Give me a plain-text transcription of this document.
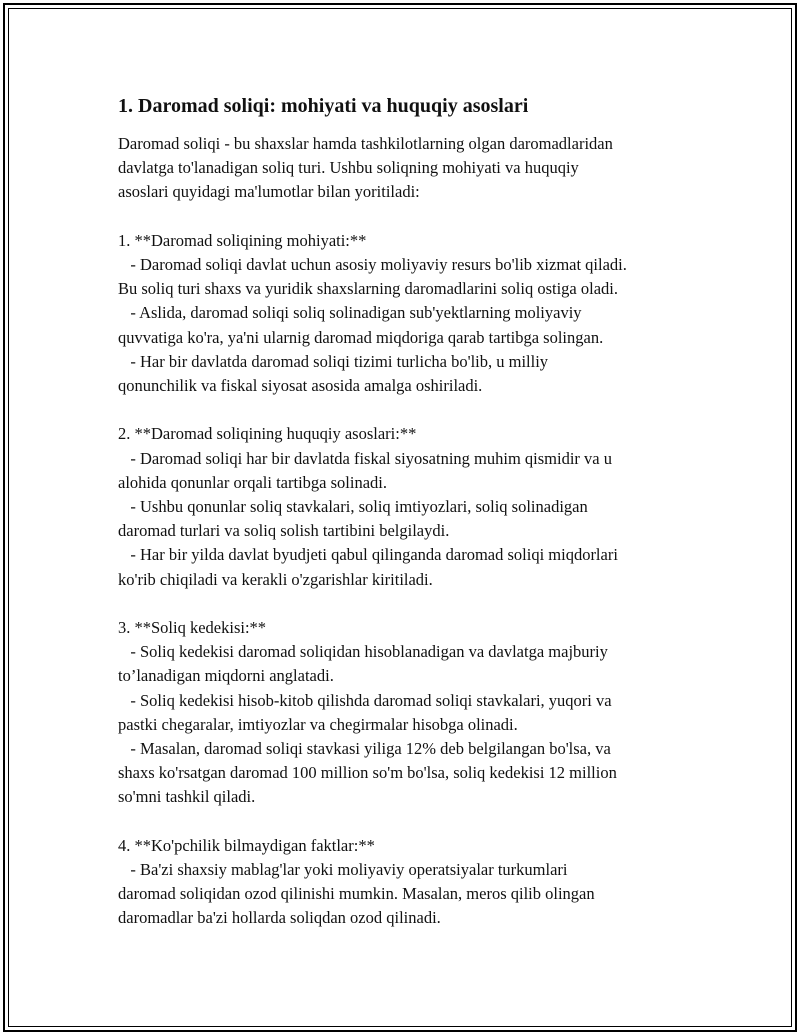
1. Daromad soliqi: mohiyati va huquqiy asoslari
Daromad soliqi - bu shaxslar hamda tashkilotlarning olgan daromadlaridan
davlatga to'lanadigan soliq turi. Ushbu soliqning mohiyati va huquqiy
asoslari quyidagi ma'lumotlar bilan yoritiladi:
1. **Daromad soliqining mohiyati:**
- Daromad soliqi davlat uchun asosiy moliyaviy resurs bo'lib xizmat qiladi.
Bu soliq turi shaxs va yuridik shaxslarning daromadlarini soliq ostiga oladi.
- Aslida, daromad soliqi soliq solinadigan sub'yektlarning moliyaviy
quvvatiga ko'ra, ya'ni ularnig daromad miqdoriga qarab tartibga solingan.
- Har bir davlatda daromad soliqi tizimi turlicha bo'lib, u milliy
qonunchilik va fiskal siyosat asosida amalga oshiriladi.
2. **Daromad soliqining huquqiy asoslari:**
- Daromad soliqi har bir davlatda fiskal siyosatning muhim qismidir va u
alohida qonunlar orqali tartibga solinadi.
- Ushbu qonunlar soliq stavkalari, soliq imtiyozlari, soliq solinadigan
daromad turlari va soliq solish tartibini belgilaydi.
- Har bir yilda davlat byudjeti qabul qilinganda daromad soliqi miqdorlari
ko'rib chiqiladi va kerakli o'zgarishlar kiritiladi.
3. **Soliq kedekisi:**
- Soliq kedekisi daromad soliqidan hisoblanadigan va davlatga majburiy
to’lanadigan miqdorni anglatadi.
- Soliq kedekisi hisob-kitob qilishda daromad soliqi stavkalari, yuqori va
pastki chegaralar, imtiyozlar va chegirmalar hisobga olinadi.
- Masalan, daromad soliqi stavkasi yiliga 12% deb belgilangan bo'lsa, va
shaxs ko'rsatgan daromad 100 million so'm bo'lsa, soliq kedekisi 12 million
so'mni tashkil qiladi.
4. **Ko'pchilik bilmaydigan faktlar:**
- Ba'zi shaxsiy mablag'lar yoki moliyaviy operatsiyalar turkumlari
daromad soliqidan ozod qilinishi mumkin. Masalan, meros qilib olingan
daromadlar ba'zi hollarda soliqdan ozod qilinadi.
